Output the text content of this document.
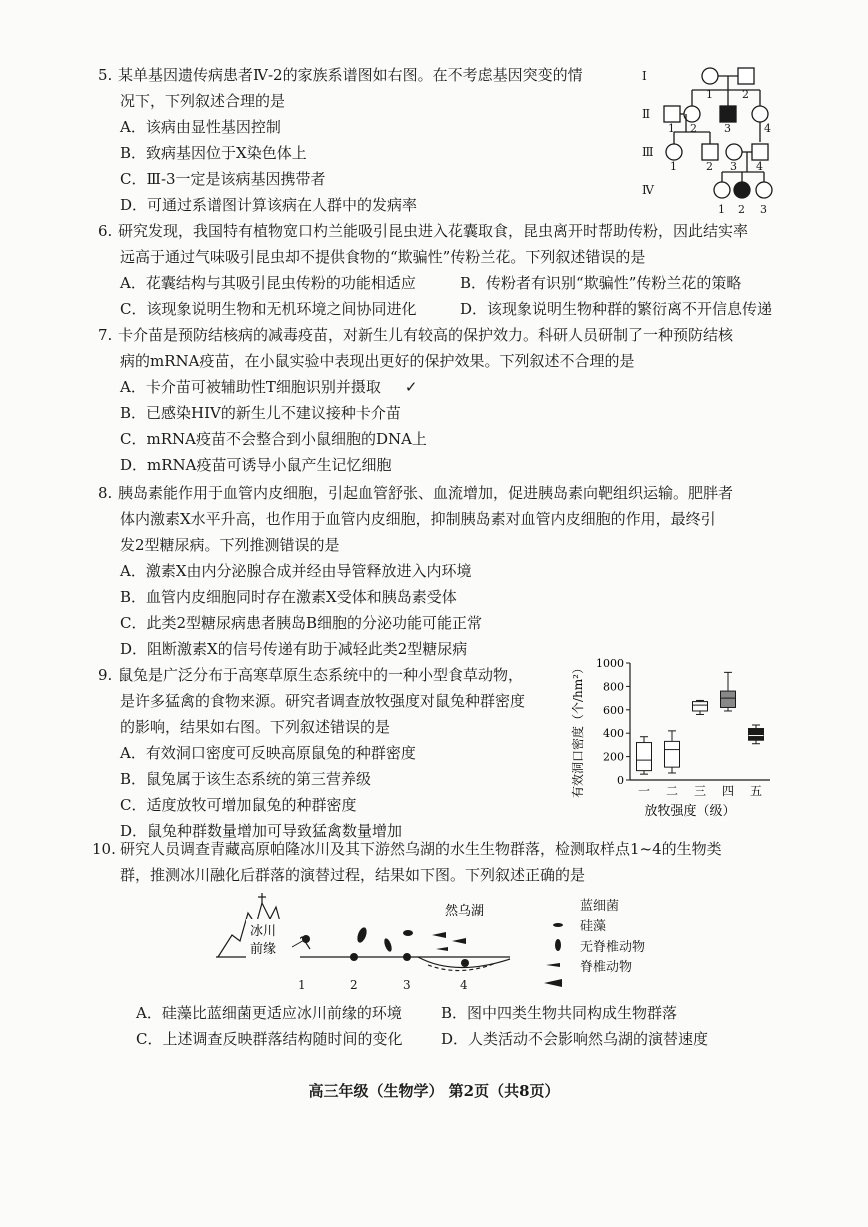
5. 某单基因遗传病患者Ⅳ-2的家族系谱图如右图。在不考虑基因突变的情

况下，下列叙述合理的是

A．该病由显性基因控制

B．致病基因位于X染色体上

C．Ⅲ-3一定是该病基因携带者

D．可通过系谱图计算该病在人群中的发病率

Ⅰ
Ⅱ
Ⅲ
Ⅳ
1	2
1 2 3	4
1	2 3 4
1 2 3

6. 研究发现，我国特有植物宽口杓兰能吸引昆虫进入花囊取食，昆虫离开时帮助传粉，因此结实率

远高于通过气味吸引昆虫却不提供食物的“欺骗性”传粉兰花。下列叙述错误的是

A．花囊结构与其吸引昆虫传粉的功能相适应	B．传粉者有识别“欺骗性”传粉兰花的策略
C．该现象说明生物和无机环境之间协同进化	D．该现象说明生物种群的繁衍离不开信息传递

7. 卡介苗是预防结核病的减毒疫苗，对新生儿有较高的保护效力。科研人员研制了一种预防结核

病的mRNA疫苗，在小鼠实验中表现出更好的保护效果。下列叙述不合理的是

A．卡介苗可被辅助性T细胞识别并摄取 ✓

B．已感染HIV的新生儿不建议接种卡介苗

C．mRNA疫苗不会整合到小鼠细胞的DNA上

D．mRNA疫苗可诱导小鼠产生记忆细胞

8. 胰岛素能作用于血管内皮细胞，引起血管舒张、血流增加，促进胰岛素向靶组织运输。肥胖者

体内激素X水平升高，也作用于血管内皮细胞，抑制胰岛素对血管内皮细胞的作用，最终引

发2型糖尿病。下列推测错误的是

A．激素X由内分泌腺合成并经由导管释放进入内环境

B．血管内皮细胞同时存在激素X受体和胰岛素受体

C．此类2型糖尿病患者胰岛B细胞的分泌功能可能正常

D．阻断激素X的信号传递有助于减轻此类2型糖尿病

9. 鼠兔是广泛分布于高寒草原生态系统中的一种小型食草动物，

是许多猛禽的食物来源。研究者调查放牧强度对鼠兔种群密度

的影响，结果如右图。下列叙述错误的是

A．有效洞口密度可反映高原鼠兔的种群密度

B．鼠兔属于该生态系统的第三营养级

C．适度放牧可增加鼠兔的种群密度

D．鼠兔种群数量增加可导致猛禽数量增加

0
200
400
600
800
1000
一 二 三 四 五
有效洞口密度（个/hm²）
放牧强度（级）

10. 研究人员调查青藏高原帕隆冰川及其下游然乌湖的水生生物群落，检测取样点1~4的生物类

群，推测冰川融化后群落的演替过程，结果如下图。下列叙述正确的是

冰川
前缘
然乌湖
1	2	3	4
蓝细菌
硅藻
无脊椎动物
脊椎动物
A．硅藻比蓝细菌更适应冰川前缘的环境	B．图中四类生物共同构成生物群落
C．上述调查反映群落结构随时间的变化	D．人类活动不会影响然乌湖的演替速度
高三年级（生物学） 第2页（共8页）
